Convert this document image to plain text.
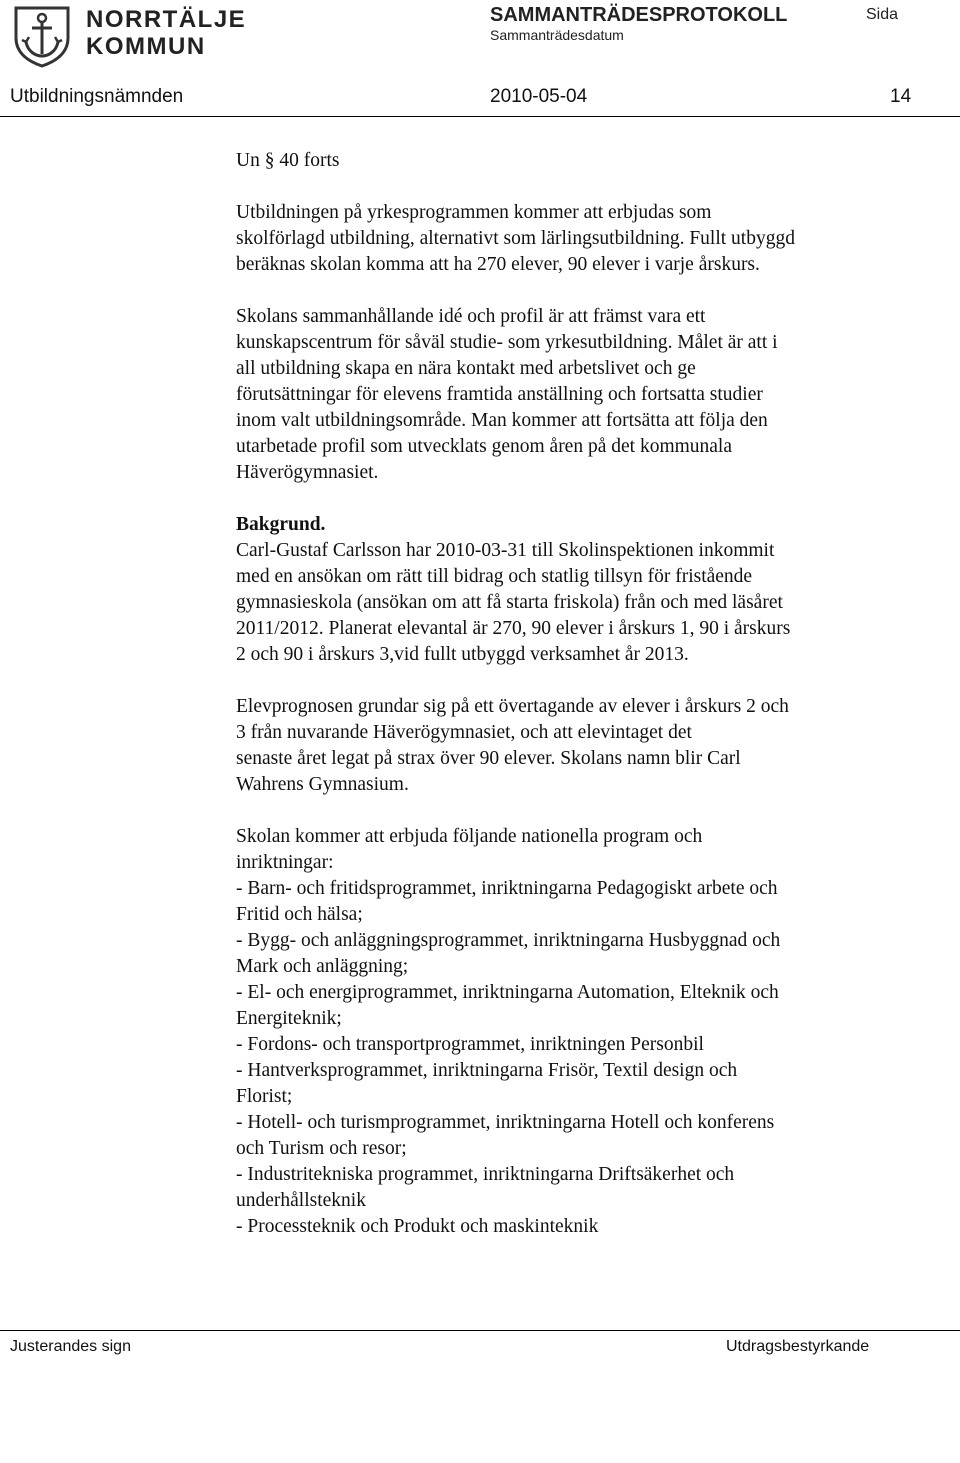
NORRTÄLJE
KOMMUN
SAMMANTRÄDESPROTOKOLL
Sammanträdesdatum
Sida
Utbildningsnämnden	2010-05-04	14

Un § 40 forts

Utbildningen på yrkesprogrammen kommer att erbjudas som
skolförlagd utbildning, alternativt som lärlingsutbildning. Fullt utbyggd
beräknas skolan komma att ha 270 elever, 90 elever i varje årskurs.
Skolans sammanhållande idé och profil är att främst vara ett
kunskapscentrum för såväl studie- som yrkesutbildning. Målet är att i
all utbildning skapa en nära kontakt med arbetslivet och ge
förutsättningar för elevens framtida anställning och fortsatta studier
inom valt utbildningsområde. Man kommer att fortsätta att följa den
utarbetade profil som utvecklats genom åren på det kommunala
Häverögymnasiet.
Bakgrund.
Carl-Gustaf Carlsson har 2010-03-31 till Skolinspektionen inkommit
med en ansökan om rätt till bidrag och statlig tillsyn för fristående
gymnasieskola (ansökan om att få starta friskola) från och med läsåret
2011/2012. Planerat elevantal är 270, 90 elever i årskurs 1, 90 i årskurs
2 och 90 i årskurs 3,vid fullt utbyggd verksamhet år 2013.
Elevprognosen grundar sig på ett övertagande av elever i årskurs 2 och
3 från nuvarande Häverögymnasiet, och att elevintaget det
senaste året legat på strax över 90 elever. Skolans namn blir Carl
Wahrens Gymnasium.
Skolan kommer att erbjuda följande nationella program och
inriktningar:
- Barn- och fritidsprogrammet, inriktningarna Pedagogiskt arbete och
Fritid och hälsa;
- Bygg- och anläggningsprogrammet, inriktningarna Husbyggnad och
Mark och anläggning;
- El- och energiprogrammet, inriktningarna Automation, Elteknik och
Energiteknik;
- Fordons- och transportprogrammet, inriktningen Personbil
- Hantverksprogrammet, inriktningarna Frisör, Textil design och
Florist;
- Hotell- och turismprogrammet, inriktningarna Hotell och konferens
och Turism och resor;
- Industritekniska programmet, inriktningarna Driftsäkerhet och
underhållsteknik
- Processteknik och Produkt och maskinteknik
Justerandes sign	Utdragsbestyrkande
